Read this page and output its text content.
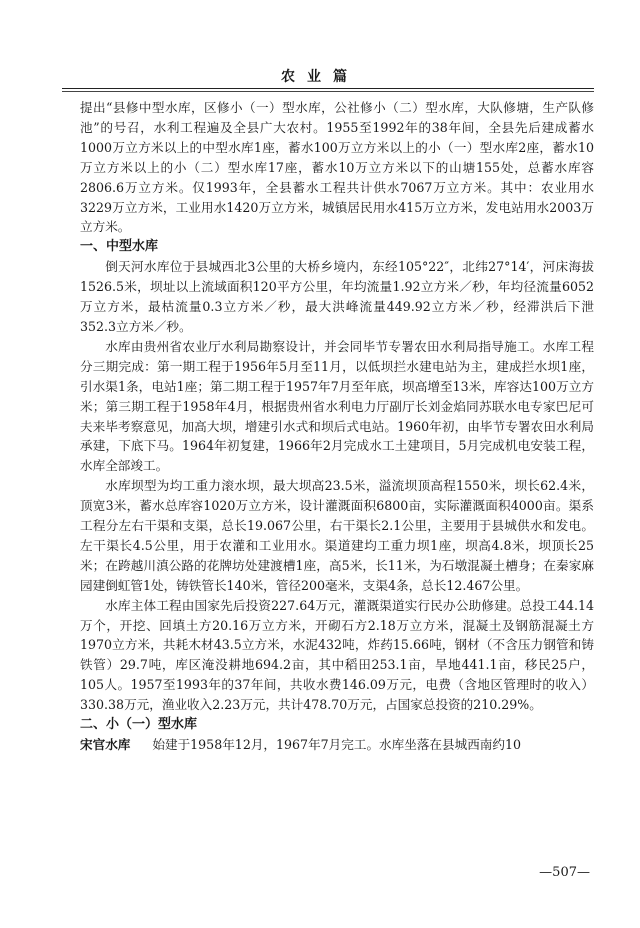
农业篇

提出“县修中型水库，区修小（一）型水库，公社修小（二）型水库，大队修塘，生产队修池”的号召，水利工程遍及全县广大农村。1955至1992年的38年间，全县先后建成蓄水1000万立方米以上的中型水库1座，蓄水100万立方米以上的小（一）型水库2座，蓄水10万立方米以上的小（二）型水库17座，蓄水10万立方米以下的山塘155处，总蓄水库容2806.6万立方米。仅1993年，全县蓄水工程共计供水7067万立方米。其中：农业用水3229万立方米，工业用水1420万立方米，城镇居民用水415万立方米，发电站用水2003万立方米。

一、中型水库

倒天河水库位于县城西北3公里的大桥乡境内，东经105°22″，北纬27°14′，河床海拔1526.5米，坝址以上流域面积120平方公里，年均流量1.92立方米／秒，年均径流量6052万立方米，最枯流量0.3立方米／秒，最大洪峰流量449.92立方米／秒，经滞洪后下泄352.3立方米／秒。

水库由贵州省农业厅水利局勘察设计，并会同毕节专署农田水利局指导施工。水库工程分三期完成：第一期工程于1956年5月至11月，以低坝拦水建电站为主，建成拦水坝1座，引水渠1条，电站1座；第二期工程于1957年7月至年底，坝高增至13米，库容达100万立方米；第三期工程于1958年4月，根据贵州省水利电力厅副厅长刘金焰同苏联水电专家巴尼可夫来毕考察意见，加高大坝，增建引水式和坝后式电站。1960年初，由毕节专署农田水利局承建，下底下马。1964年初复建，1966年2月完成水工土建项目，5月完成机电安装工程，水库全部竣工。

水库坝型为均工重力滚水坝，最大坝高23.5米，溢流坝顶高程1550米，坝长62.4米，顶宽3米，蓄水总库容1020万立方米，设计灌溉面积6800亩，实际灌溉面积4000亩。渠系工程分左右干渠和支渠，总长19.067公里，右干渠长2.1公里，主要用于县城供水和发电。左干渠长4.5公里，用于农灌和工业用水。渠道建均工重力坝1座，坝高4.8米，坝顶长25米；在跨越川滇公路的花牌坊处建渡槽1座，高5米，长11米，为石墩混凝土槽身；在秦家麻园建倒虹管1处，铸铁管长140米，管径200毫米，支渠4条，总长12.467公里。

水库主体工程由国家先后投资227.64万元，灌溉渠道实行民办公助修建。总投工44.14万个，开挖、回填土方20.16万立方米，开砌石方2.18万立方米，混凝土及钢筋混凝土方1970立方米，共耗木材43.5立方米，水泥432吨，炸药15.66吨，钢材（不含压力钢管和铸铁管）29.7吨，库区淹没耕地694.2亩，其中稻田253.1亩，旱地441.1亩，移民25户，105人。1957至1993年的37年间，共收水费146.09万元，电费（含地区管理时的收入）330.38万元，渔业收入2.23万元，共计478.70万元，占国家总投资的210.29%。

二、小（一）型水库

宋官水库 始建于1958年12月，1967年7月完工。水库坐落在县城西南约10

—507—
